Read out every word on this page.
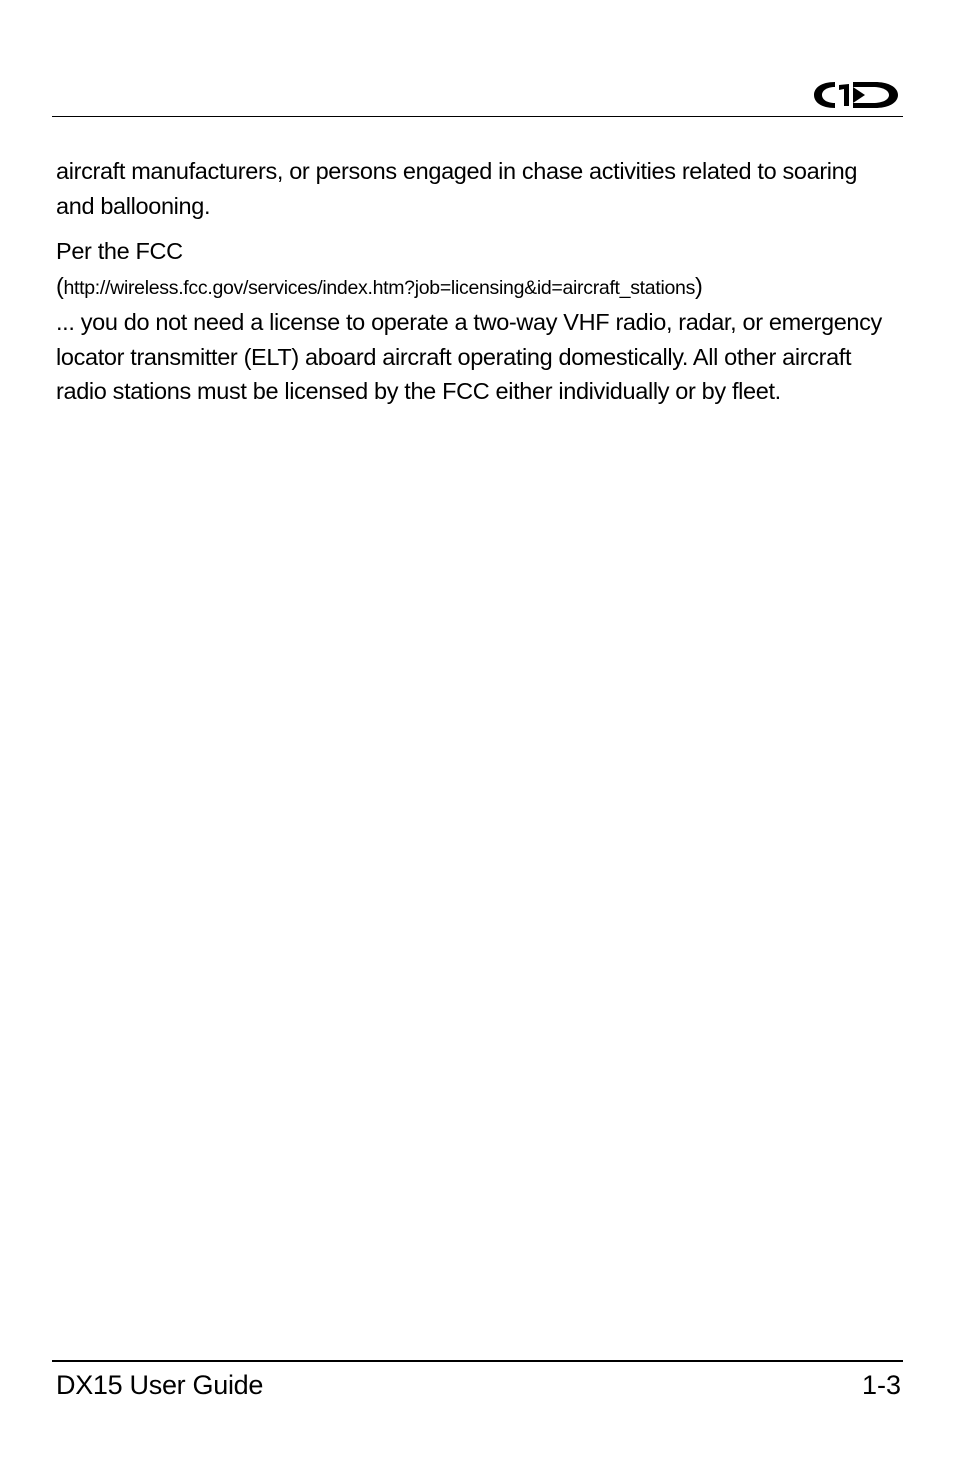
aircraft manufacturers, or persons engaged in chase activities related to soaring and ballooning.

Per the FCC
(http://wireless.fcc.gov/services/index.htm?job=licensing&id=aircraft_stations)
... you do not need a license to operate a two-way VHF radio, radar, or emergency locator transmitter (ELT) aboard aircraft operating domestically. All other aircraft radio stations must be licensed by the FCC either individually or by fleet.

DX15 User Guide	1-3
